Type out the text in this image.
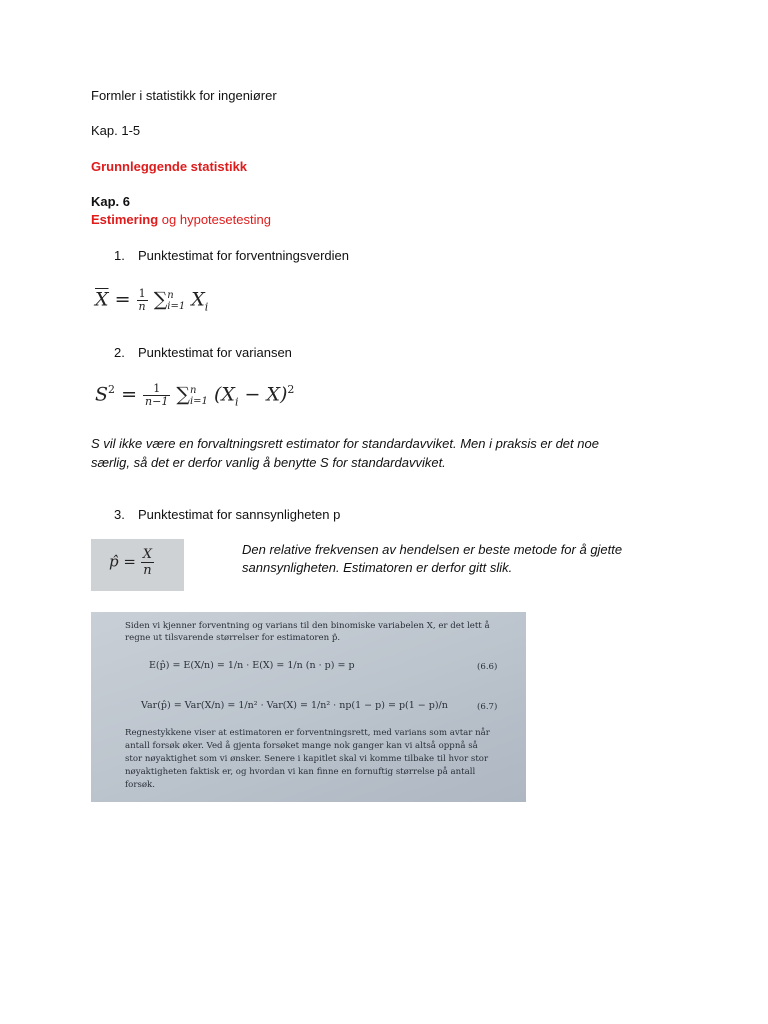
Formler i statistikk for ingeniører
Kap. 1-5
Grunnleggende statistikk
Kap. 6
Estimering og hypotesetesting
1. Punktestimat for forventningsverdien
$\overline{X} = \frac{1}{n}$ ∑ n
i=1 $X_i$
2. Punktestimat for variansen
$S^2 = \frac{1}{n-1}$ ∑ n
i=1 $(X_i - X)^2$
S vil ikke være en forvaltningsrett estimator for standardavviket. Men i praksis er det noe
særlig, så det er derfor vanlig å benytte S for standardavviket.
3. Punktestimat for sannsynligheten p
p̂ = $\frac{X}{n}$	Den relative frekvensen av hendelsen er beste metode for å gjette
sannsynligheten. Estimatoren er derfor gitt slik.
Siden vi kjenner forventning og varians til den binomiske variabelen X, er det lett å
regne ut tilsvarende størrelser for estimatoren p̂.
E(p̂) = E(X/n) = 1/n · E(X) = 1/n (n · p) = p	(6.6)
Var(p̂) = Var(X/n) = 1/n² · Var(X) = 1/n² · np(1 − p) = p(1 − p)/n	(6.7)
Regnestykkene viser at estimatoren er forventningsrett, med varians som avtar når
antall forsøk øker. Ved å gjenta forsøket mange nok ganger kan vi altså oppnå så
stor nøyaktighet som vi ønsker. Senere i kapitlet skal vi komme tilbake til hvor stor
nøyaktigheten faktisk er, og hvordan vi kan finne en fornuftig størrelse på antall
forsøk.
